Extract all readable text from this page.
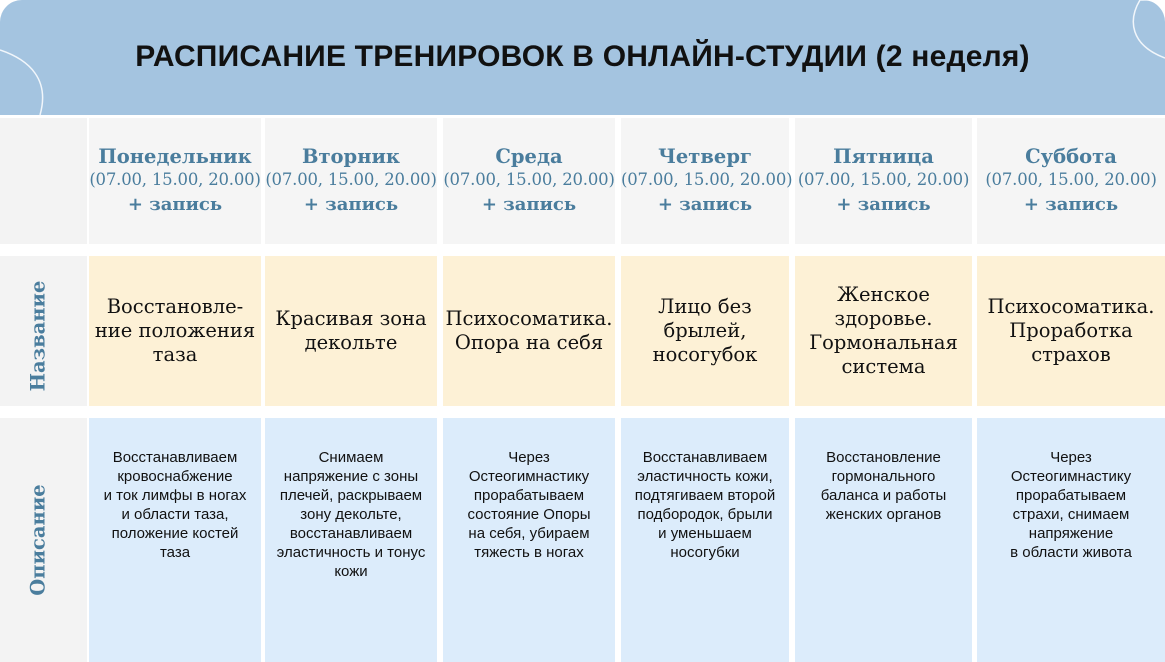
РАСПИСАНИЕ ТРЕНИРОВОК В ОНЛАЙН-СТУДИИ (2 неделя)
Название
Описание
Понедельник
(07.00, 15.00, 20.00)
+ запись
Восстановле-
ние положения
таза
Восстанавливаем
кровоснабжение
и ток лимфы в ногах
и области таза,
положение костей
таза
Вторник
(07.00, 15.00, 20.00)
+ запись
Красивая зона
декольте
Снимаем
напряжение с зоны
плечей, раскрываем
зону декольте,
восстанавливаем
эластичность и тонус
кожи
Среда
(07.00, 15.00, 20.00)
+ запись
Психосоматика.
Опора на себя
Через
Остеогимнастику
прорабатываем
состояние Опоры
на себя, убираем
тяжесть в ногах
Четверг
(07.00, 15.00, 20.00)
+ запись
Лицо без
брылей,
носогубок
Восстанавливаем
эластичность кожи,
подтягиваем второй
подбородок, брыли
и уменьшаем
носогубки
Пятница
(07.00, 15.00, 20.00)
+ запись
Женское
здоровье.
Гормональная
система
Восстановление
гормонального
баланса и работы
женских органов
Суббота
(07.00, 15.00, 20.00)
+ запись
Психосоматика.
Проработка
страхов
Через
Остеогимнастику
прорабатываем
страхи, снимаем
напряжение
в области живота
